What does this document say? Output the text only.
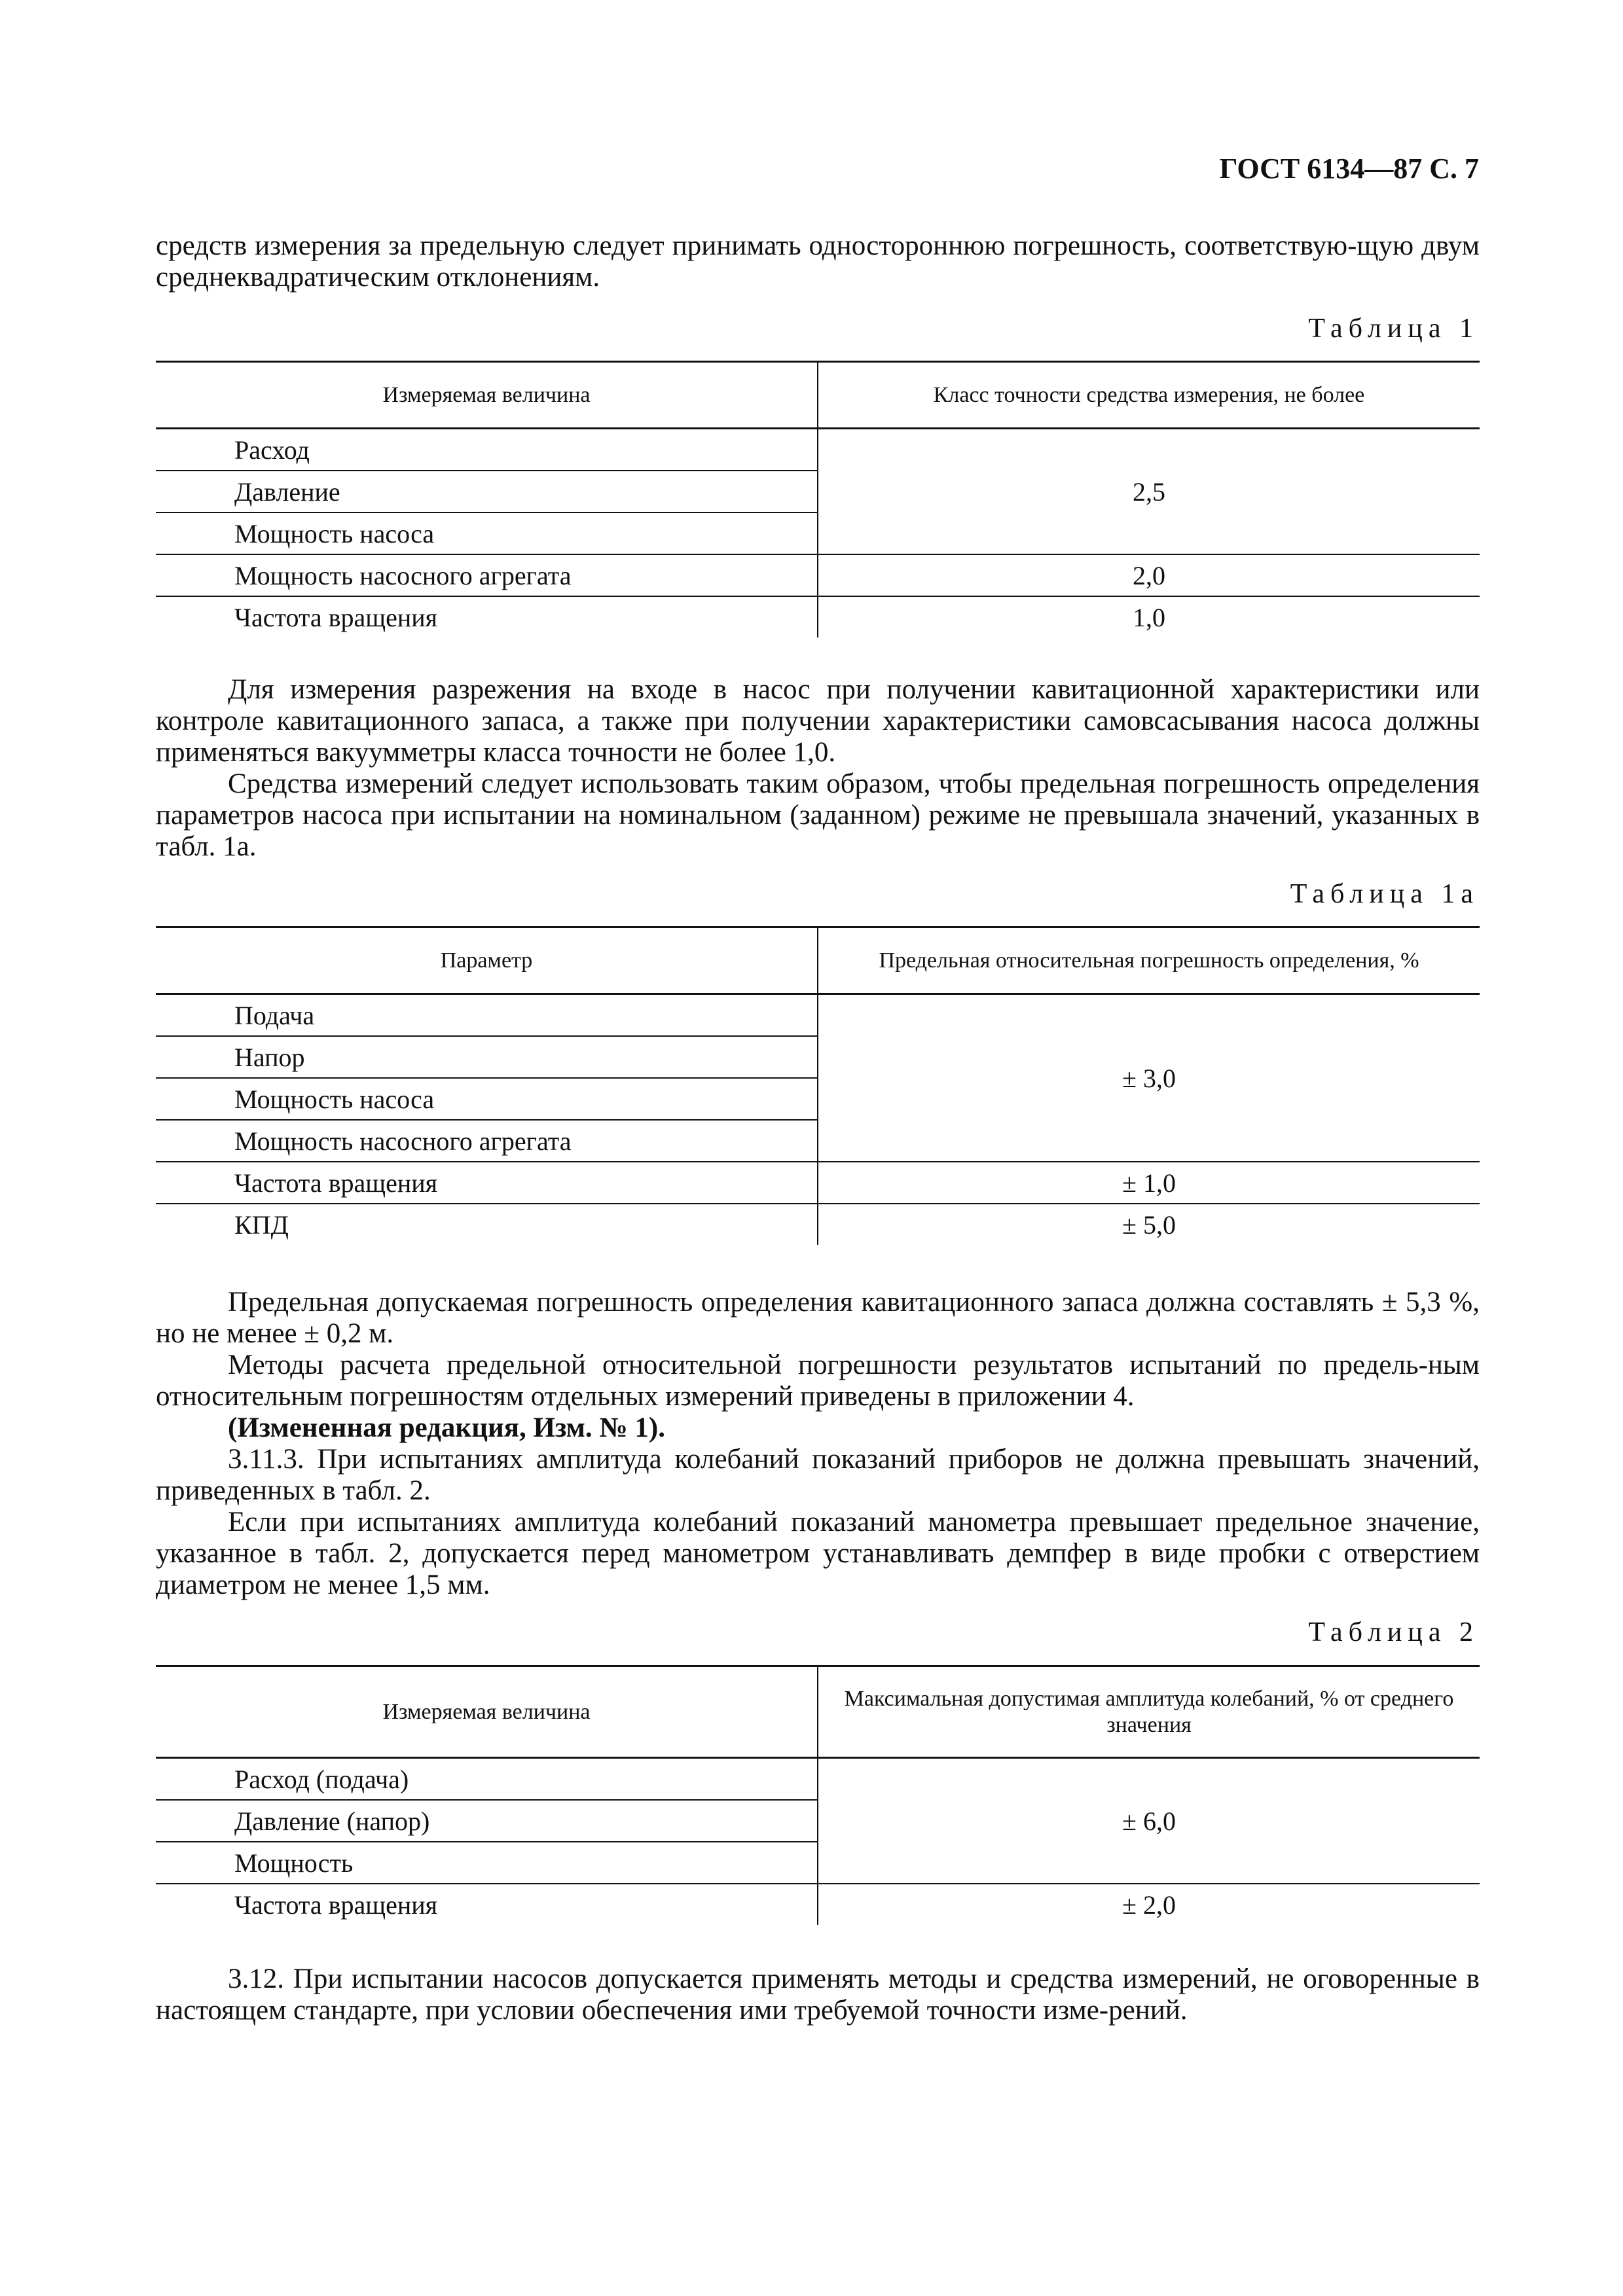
ГОСТ 6134—87 С. 7
средств измерения за предельную следует принимать одностороннюю погрешность, соответствую-щую двум среднеквадратическим отклонениям.
Таблица 1
Измеряемая величина	Класс точности средства измерения, не более
Расход	2,5
Давление	
Мощность насоса	
Мощность насосного агрегата	2,0
Частота вращения	1,0
Для измерения разрежения на входе в насос при получении кавитационной характеристики или контроле кавитационного запаса, а также при получении характеристики самовсасывания насоса должны применяться вакуумметры класса точности не более 1,0.
Средства измерений следует использовать таким образом, чтобы предельная погрешность определения параметров насоса при испытании на номинальном (заданном) режиме не превышала значений, указанных в табл. 1а.
Таблица 1а
Параметр	Предельная относительная погрешность определения, %
Подача	± 3,0
Напор	
Мощность насоса	
Мощность насосного агрегата	
Частота вращения	± 1,0
КПД	± 5,0
Предельная допускаемая погрешность определения кавитационного запаса должна составлять ± 5,3 %, но не менее ± 0,2 м.
Методы расчета предельной относительной погрешности результатов испытаний по предель-ным относительным погрешностям отдельных измерений приведены в приложении 4.
(Измененная редакция, Изм. № 1).
3.11.3. При испытаниях амплитуда колебаний показаний приборов не должна превышать значений, приведенных в табл. 2.
Если при испытаниях амплитуда колебаний показаний манометра превышает предельное значение, указанное в табл. 2, допускается перед манометром устанавливать демпфер в виде пробки с отверстием диаметром не менее 1,5 мм.
Таблица 2
Измеряемая величина	Максимальная допустимая амплитуда колебаний, % от среднего значения
Расход (подача)	± 6,0
Давление (напор)	
Мощность	
Частота вращения	± 2,0
3.12. При испытании насосов допускается применять методы и средства измерений, не оговоренные в настоящем стандарте, при условии обеспечения ими требуемой точности изме-рений.
